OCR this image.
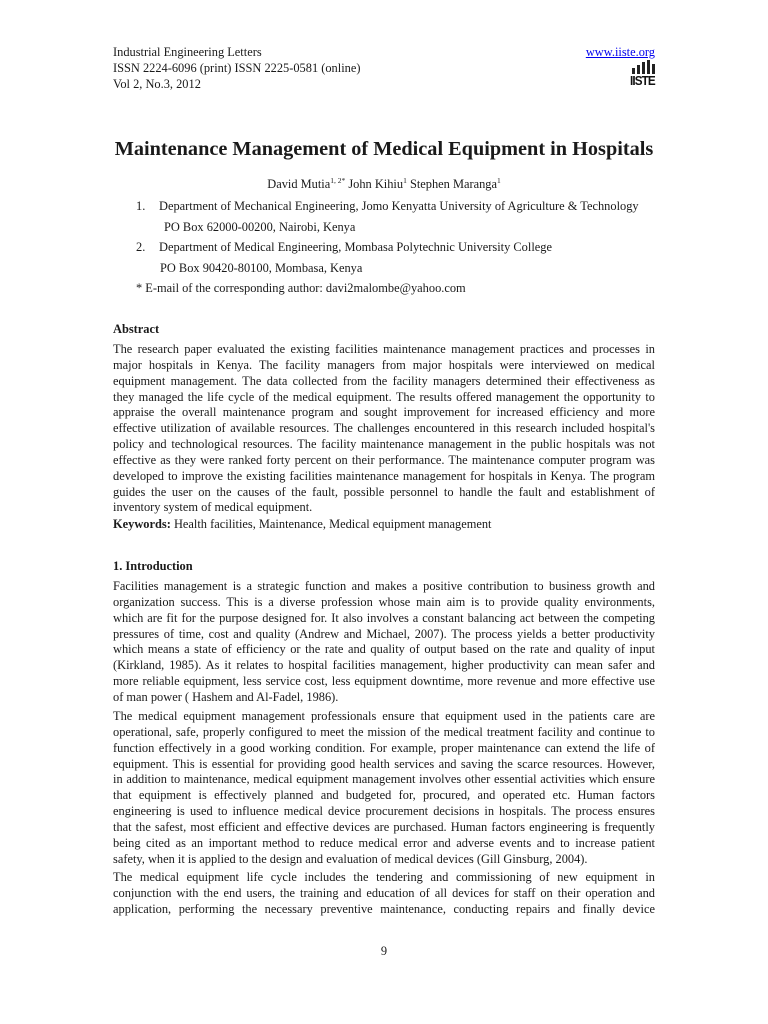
Industrial Engineering Letters
ISSN 2224-6096 (print) ISSN 2225-0581 (online)
Vol 2, No.3, 2012
www.iiste.org
IISTE
Maintenance Management of Medical Equipment in Hospitals
David Mutia$^{1, 2*}$ John Kihiu$^1$ Stephen Maranga$^1$
1. Department of Mechanical Engineering, Jomo Kenyatta University of Agriculture & Technology
PO Box 62000-00200, Nairobi, Kenya
2. Department of Medical Engineering, Mombasa Polytechnic University College
PO Box 90420-80100, Mombasa, Kenya
* E-mail of the corresponding author: davi2malombe@yahoo.com
Abstract
The research paper evaluated the existing facilities maintenance management practices and processes in
major hospitals in Kenya. The facility managers from major hospitals were interviewed on medical
equipment management. The data collected from the facility managers determined their effectiveness as
they managed the life cycle of the medical equipment. The results offered management the opportunity to
appraise the overall maintenance program and sought improvement for increased efficiency and more
effective utilization of available resources. The challenges encountered in this research included hospital's
policy and technological resources. The facility maintenance management in the public hospitals was not
effective as they were ranked forty percent on their performance. The maintenance computer program was
developed to improve the existing facilities maintenance management for hospitals in Kenya. The program
guides the user on the causes of the fault, possible personnel to handle the fault and establishment of
inventory system of medical equipment.
Keywords: Health facilities, Maintenance, Medical equipment management
1. Introduction
Facilities management is a strategic function and makes a positive contribution to business growth and
organization success. This is a diverse profession whose main aim is to provide quality environments,
which are fit for the purpose designed for. It also involves a constant balancing act between the competing
pressures of time, cost and quality (Andrew and Michael, 2007). The process yields a better productivity
which means a state of efficiency or the rate and quality of output based on the rate and quality of input
(Kirkland, 1985). As it relates to hospital facilities management, higher productivity can mean safer and
more reliable equipment, less service cost, less equipment downtime, more revenue and more effective use
of man power ( Hashem and Al-Fadel, 1986).
The medical equipment management professionals ensure that equipment used in the patients care are
operational, safe, properly configured to meet the mission of the medical treatment facility and continue to
function effectively in a good working condition. For example, proper maintenance can extend the life of
equipment. This is essential for providing good health services and saving the scarce resources. However,
in addition to maintenance, medical equipment management involves other essential activities which ensure
that equipment is effectively planned and budgeted for, procured, and operated etc. Human factors
engineering is used to influence medical device procurement decisions in hospitals. The process ensures
that the safest, most efficient and effective devices are purchased. Human factors engineering is frequently
being cited as an important method to reduce medical error and adverse events and to increase patient
safety, when it is applied to the design and evaluation of medical devices (Gill Ginsburg, 2004).
The medical equipment life cycle includes the tendering and commissioning of new equipment in
conjunction with the end users, the training and education of all devices for staff on their operation and
application, performing the necessary preventive maintenance, conducting repairs and finally device
9
